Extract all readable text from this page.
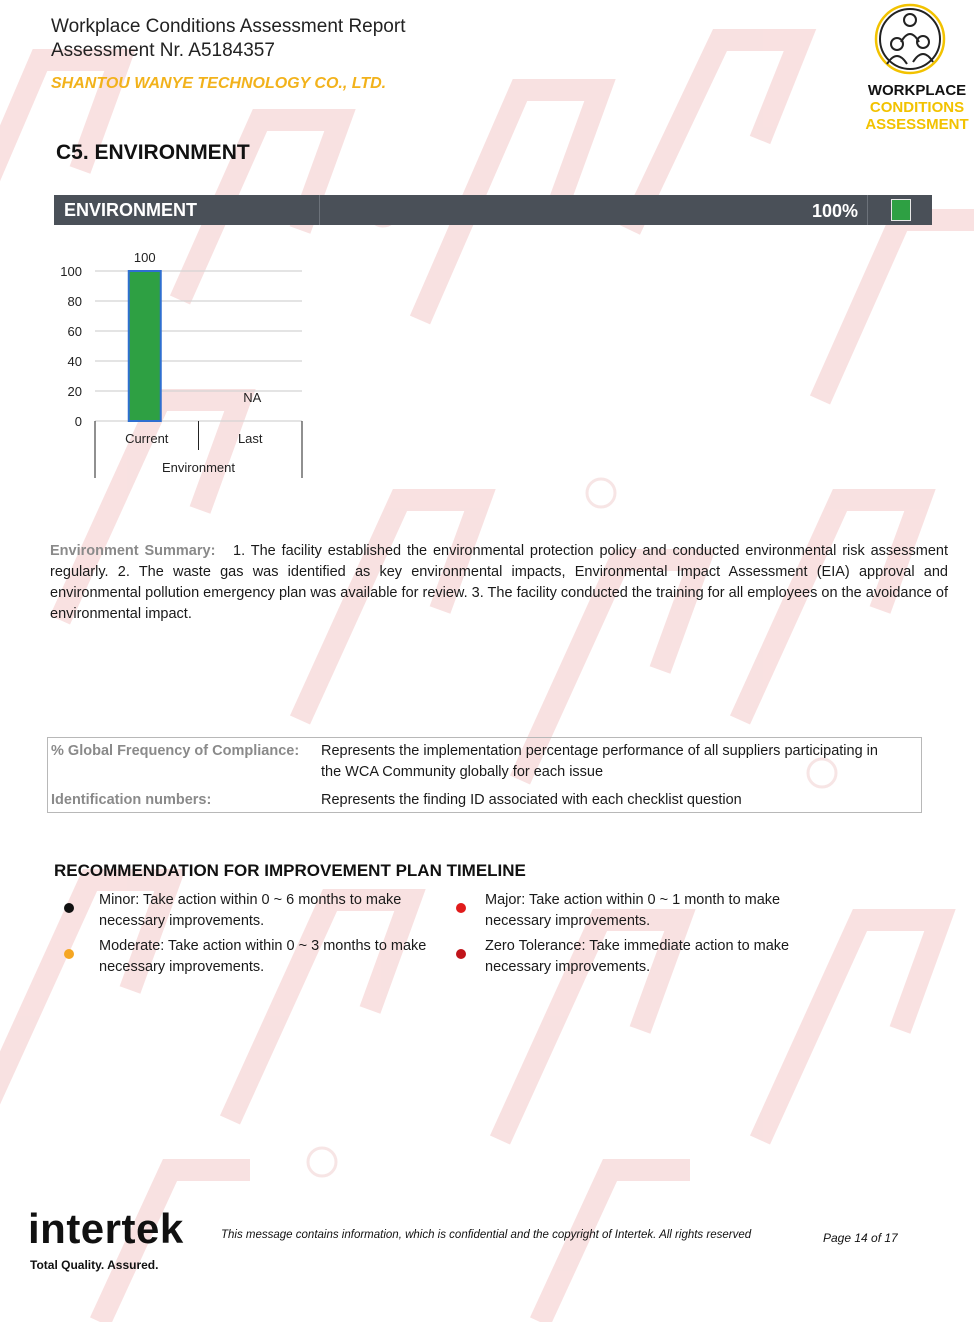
Workplace Conditions Assessment Report
Assessment Nr. A5184357
SHANTOU WANYE TECHNOLOGY CO., LTD.	WORKPLACE
CONDITIONS
ASSESSMENT
C5. ENVIRONMENT
ENVIRONMENT	100%
0
20
40
60
80
100
100
Current
NA
Last
Environment
Environment Summary: 1. The facility established the environmental protection policy and conducted environmental risk assessment regularly. 2. The waste gas was identified as key environmental impacts, Environmental Impact Assessment (EIA) approval and environmental pollution emergency plan was available for review. 3. The facility conducted the training for all employees on the avoidance of environmental impact.
% Global Frequency of Compliance: Represents the implementation percentage performance of all suppliers participating in the WCA Community globally for each issue
Identification numbers:	Represents the finding ID associated with each checklist question
RECOMMENDATION FOR IMPROVEMENT PLAN TIMELINE
Minor: Take action within 0 ~ 6 months to make necessary improvements.
Moderate: Take action within 0 ~ 3 months to make necessary improvements.
Major: Take action within 0 ~ 1 month to make necessary improvements.
Zero Tolerance: Take immediate action to make necessary improvements.
intertek
Total Quality. Assured.
This message contains information, which is confidential and the copyright of Intertek. All rights reserved	Page 14 of 17
